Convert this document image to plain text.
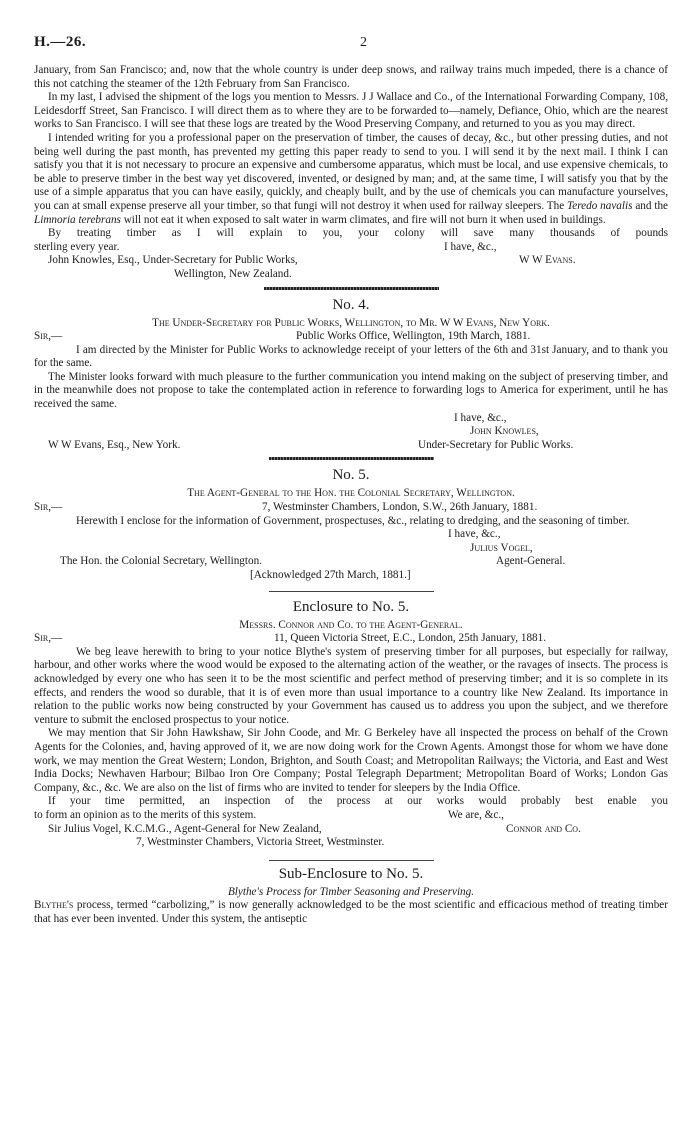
H.—26.	2

January, from San Francisco; and, now that the whole country is under deep snows, and railway trains much impeded, there is a chance of this not catching the steamer of the 12th February from San Francisco.

In my last, I advised the shipment of the logs you mention to Messrs. J J Wallace and Co., of the International Forwarding Company, 108, Leidesdorff Street, San Francisco. I will direct them as to where they are to be forwarded to—namely, Defiance, Ohio, which are the nearest works to San Francisco. I will see that these logs are treated by the Wood Preserving Company, and returned to you as you may direct.

I intended writing for you a professional paper on the preservation of timber, the causes of decay, &c., but other pressing duties, and not being well during the past month, has prevented my getting this paper ready to send to you. I will send it by the next mail. I think I can satisfy you that it is not necessary to procure an expensive and cumbersome apparatus, which must be local, and use expensive chemicals, to be able to preserve timber in the best way yet discovered, invented, or designed by man; and, at the same time, I will satisfy you that by the use of a simple apparatus that you can have easily, quickly, and cheaply built, and by the use of chemicals you can manufacture yourselves, you can at small expense preserve all your timber, so that fungi will not destroy it when used for railway sleepers. The Teredo navalis and the Limnoria terebrans will not eat it when exposed to salt water in warm climates, and fire will not burn it when used in buildings.

By treating timber as I will explain to you, your colony will save many thousands of pounds

sterling every year.	I have, &c.,
John Knowles, Esq., Under-Secretary for Public Works,	W W Evans.
Wellington, New Zealand.
No. 4.

The Under-Secretary for Public Works, Wellington, to Mr. W W Evans, New York.

Sir,—	Public Works Office, Wellington, 19th March, 1881.

I am directed by the Minister for Public Works to acknowledge receipt of your letters of the 6th and 31st January, and to thank you for the same.

The Minister looks forward with much pleasure to the further communication you intend making on the subject of preserving timber, and in the meanwhile does not propose to take the contemplated action in reference to forwarding logs to America for experiment, until he has received the same.

I have, &c.,
John Knowles,
W W Evans, Esq., New York.	Under-Secretary for Public Works.
No. 5.

The Agent-General to the Hon. the Colonial Secretary, Wellington.

Sir,—	7, Westminster Chambers, London, S.W., 26th January, 1881.

Herewith I enclose for the information of Government, prospectuses, &c., relating to dredging, and the seasoning of timber.

I have, &c.,
Julius Vogel,
The Hon. the Colonial Secretary, Wellington.	Agent-General.
[Acknowledged 27th March, 1881.]
Enclosure to No. 5.

Messrs. Connor and Co. to the Agent-General.

Sir,—	11, Queen Victoria Street, E.C., London, 25th January, 1881.

We beg leave herewith to bring to your notice Blythe's system of preserving timber for all purposes, but especially for railway, harbour, and other works where the wood would be exposed to the alternating action of the weather, or the ravages of insects. The process is acknowledged by every one who has seen it to be the most scientific and perfect method of preserving timber; and it is so complete in its effects, and renders the wood so durable, that it is of even more than usual importance to a country like New Zealand. Its importance in relation to the public works now being constructed by your Government has caused us to address you upon the subject, and we therefore venture to submit the enclosed prospectus to your notice.

We may mention that Sir John Hawkshaw, Sir John Coode, and Mr. G Berkeley have all inspected the process on behalf of the Crown Agents for the Colonies, and, having approved of it, we are now doing work for the Crown Agents. Amongst those for whom we have done work, we may mention the Great Western; London, Brighton, and South Coast; and Metropolitan Railways; the Victoria, and East and West India Docks; Newhaven Harbour; Bilbao Iron Ore Company; Postal Telegraph Department; Metropolitan Board of Works; London Gas Company, &c., &c. We are also on the list of firms who are invited to tender for sleepers by the India Office.

If your time permitted, an inspection of the process at our works would probably best enable you

to form an opinion as to the merits of this system.	We are, &c.,
Sir Julius Vogel, K.C.M.G., Agent-General for New Zealand,	Connor and Co.
7, Westminster Chambers, Victoria Street, Westminster.
Sub-Enclosure to No. 5.

Blythe's Process for Timber Seasoning and Preserving.

Blythe's process, termed “carbolizing,” is now generally acknowledged to be the most scientific and efficacious method of treating timber that has ever been invented. Under this system, the antiseptic
